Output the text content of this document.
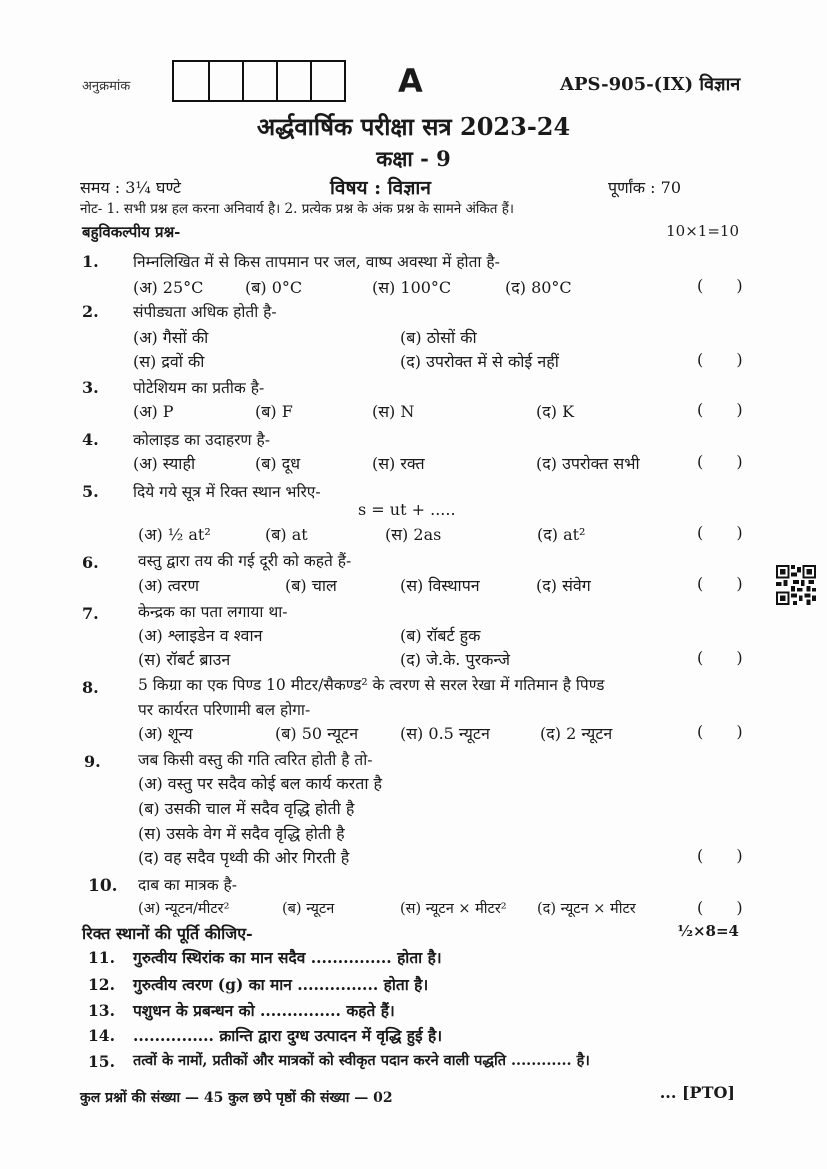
अनुक्रमांक	A	APS-905-(IX) विज्ञान
अर्द्धवार्षिक परीक्षा सत्र 2023-24
कक्षा - 9
समय : 3¼ घण्टे	विषय : विज्ञान	पूर्णांक : 70
नोट- 1. सभी प्रश्न हल करना अनिवार्य है। 2. प्रत्येक प्रश्न के अंक प्रश्न के सामने अंकित हैं।
बहुविकल्पीय प्रश्न-	10×1=10
1. निम्नलिखित में से किस तापमान पर जल, वाष्प अवस्था में होता है-
(अ) 25°C	(ब) 0°C	(स) 100°C	(द) 80°C	( )
2. संपीड्यता अधिक होती है-
(अ) गैसों की	(ब) ठोसों की
(स) द्रवों की	(द) उपरोक्त में से कोई नहीं	( )
3. पोटेशियम का प्रतीक है-
(अ) P	(ब) F	(स) N	(द) K	( )
4. कोलाइड का उदाहरण है-
(अ) स्याही	(ब) दूध	(स) रक्त	(द) उपरोक्त सभी	( )
5. दिये गये सूत्र में रिक्त स्थान भरिए-
s = ut + .....
(अ) ½ at²	(ब) at	(स) 2as	(द) at²	( )
6.	वस्तु द्वारा तय की गई दूरी को कहते हैं-
(अ) त्वरण	(ब) चाल	(स) विस्थापन	(द) संवेग	( )
7.	केन्द्रक का पता लगाया था-
(अ) श्लाइडेन व श्वान	(ब) रॉबर्ट हुक
(स) रॉबर्ट ब्राउन	(द) जे.के. पुरकन्जे	( )
8.	5 किग्रा का एक पिण्ड 10 मीटर/सैकण्ड² के त्वरण से सरल रेखा में गतिमान है पिण्ड
पर कार्यरत परिणामी बल होगा-
(अ) शून्य	(ब) 50 न्यूटन	(स) 0.5 न्यूटन	(द) 2 न्यूटन	( )
9. जब किसी वस्तु की गति त्वरित होती है तो-
(अ) वस्तु पर सदैव कोई बल कार्य करता है
(ब) उसकी चाल में सदैव वृद्धि होती है
(स) उसके वेग में सदैव वृद्धि होती है
(द) वह सदैव पृथ्वी की ओर गिरती है	( )
10. दाब का मात्रक है-
(अ) न्यूटन/मीटर²	(ब) न्यूटन	(स) न्यूटन × मीटर² (द) न्यूटन × मीटर	( )
रिक्त स्थानों की पूर्ति कीजिए-	½×8=4
11. गुरुत्वीय स्थिरांक का मान सदैव ............... होता है।
12. गुरुत्वीय त्वरण (g) का मान ............... होता है।
13. पशुधन के प्रबन्धन को ............... कहते हैं।
14. ............... क्रान्ति द्वारा दुग्ध उत्पादन में वृद्धि हुई है।
15. तत्वों के नामों, प्रतीकों और मात्रकों को स्वीकृत पदान करने वाली पद्धति ............ है।
कुल प्रश्नों की संख्या — 45 कुल छपे पृष्ठों की संख्या — 02	... [PTO]
